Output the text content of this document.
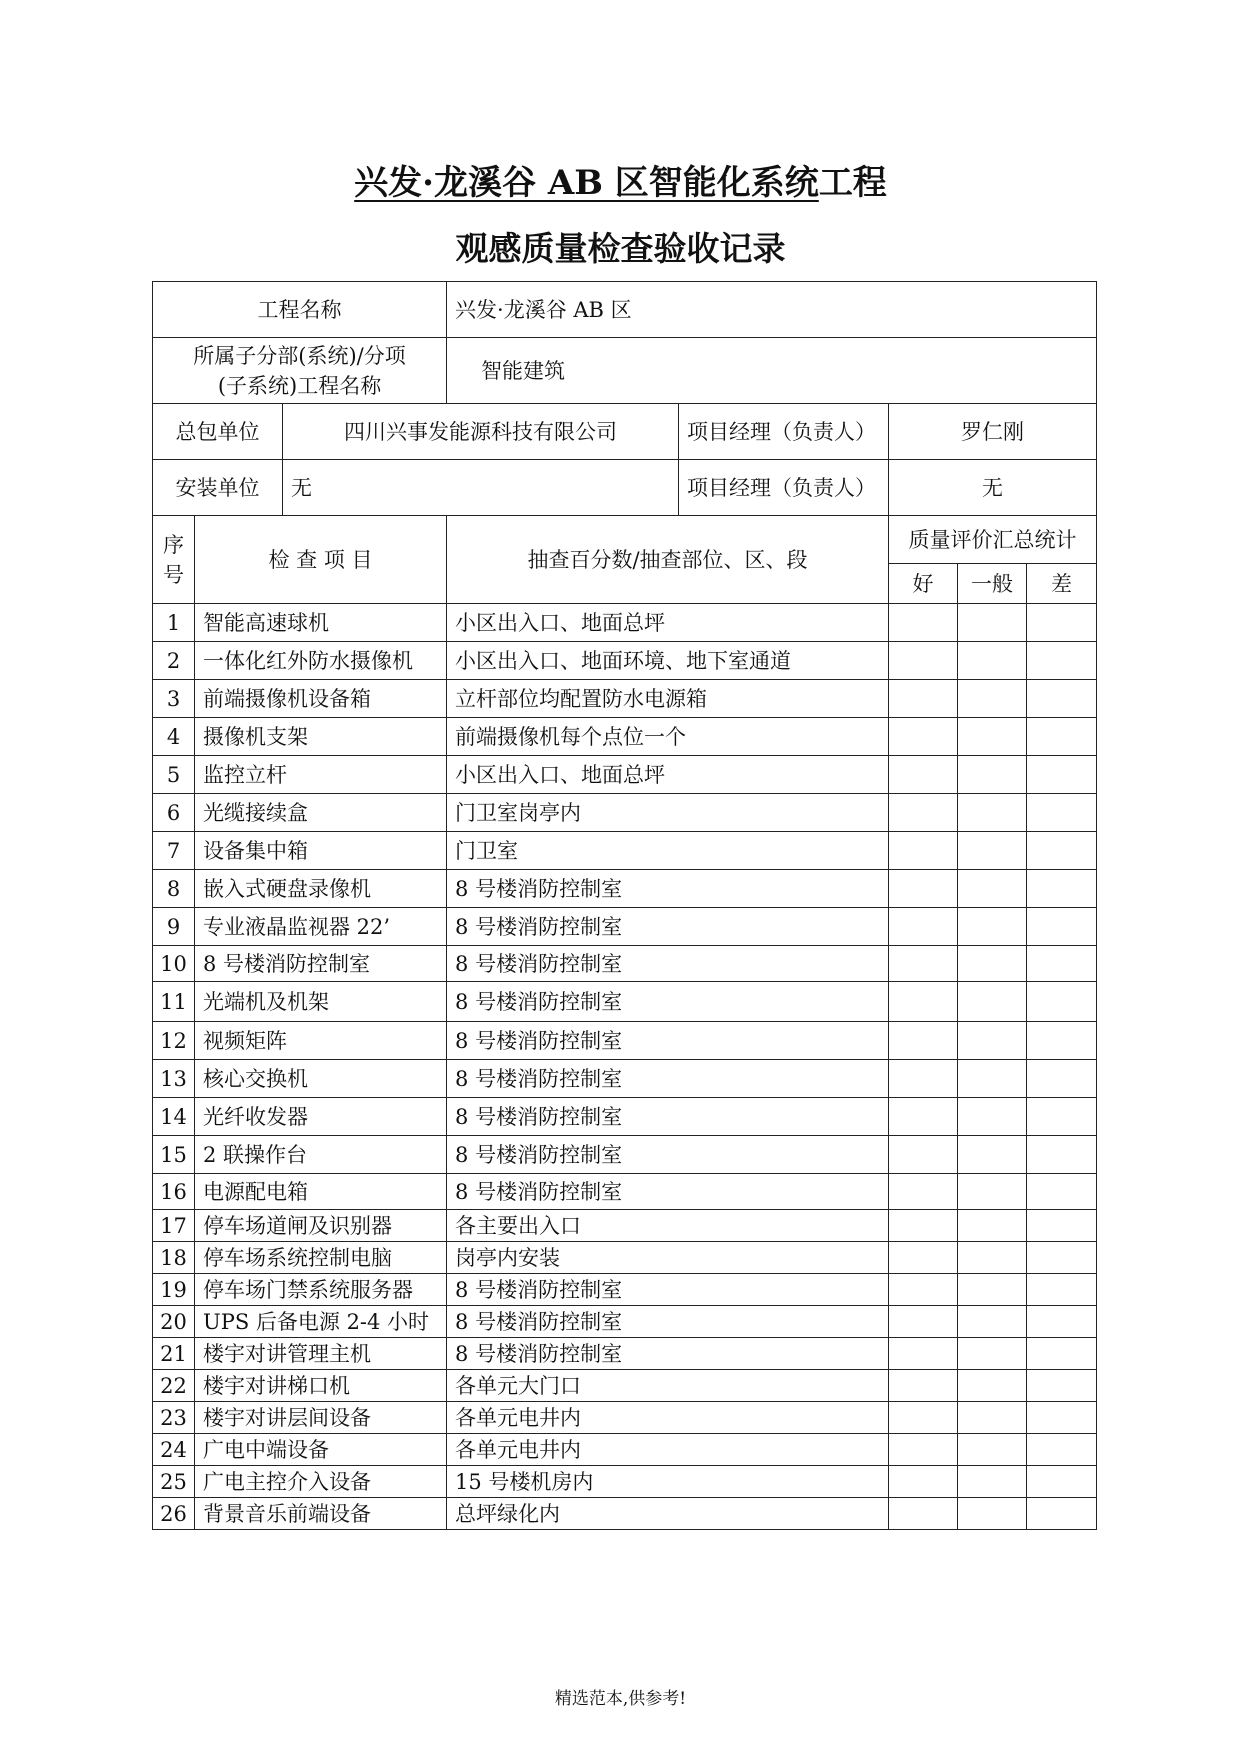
兴发·龙溪谷 AB 区智能化系统工程
观感质量检查验收记录
工程名称			兴发·龙溪谷 AB 区				
所属子分部(系统)/分项
(子系统)工程名称			智能建筑				
总包单位		四川兴事发能源科技有限公司		项目经理（负责人）	罗仁刚		
安装单位		无		项目经理（负责人）	无		
序
号	检 查 项 目		抽查百分数/抽查部位、区、段		质量评价汇总统计		
					好	一般	差
1	智能高速球机		小区出入口、地面总坪				
2	一体化红外防水摄像机		小区出入口、地面环境、地下室通道				
3	前端摄像机设备箱		立杆部位均配置防水电源箱				
4	摄像机支架		前端摄像机每个点位一个				
5	监控立杆		小区出入口、地面总坪				
6	光缆接续盒		门卫室岗亭内				
7	设备集中箱		门卫室				
8	嵌入式硬盘录像机		8 号楼消防控制室				
9	专业液晶监视器 22’		8 号楼消防控制室				
10	8 号楼消防控制室		8 号楼消防控制室				
11	光端机及机架		8 号楼消防控制室				
12	视频矩阵		8 号楼消防控制室				
13	核心交换机		8 号楼消防控制室				
14	光纤收发器		8 号楼消防控制室				
15	2 联操作台		8 号楼消防控制室				
16	电源配电箱		8 号楼消防控制室				
17	停车场道闸及识别器		各主要出入口				
18	停车场系统控制电脑		岗亭内安装				
19	停车场门禁系统服务器		8 号楼消防控制室				
20	UPS 后备电源 2-4 小时		8 号楼消防控制室				
21	楼宇对讲管理主机		8 号楼消防控制室				
22	楼宇对讲梯口机		各单元大门口				
23	楼宇对讲层间设备		各单元电井内				
24	广电中端设备		各单元电井内				
25	广电主控介入设备		15 号楼机房内				
26	背景音乐前端设备		总坪绿化内				
精选范本,供参考!
